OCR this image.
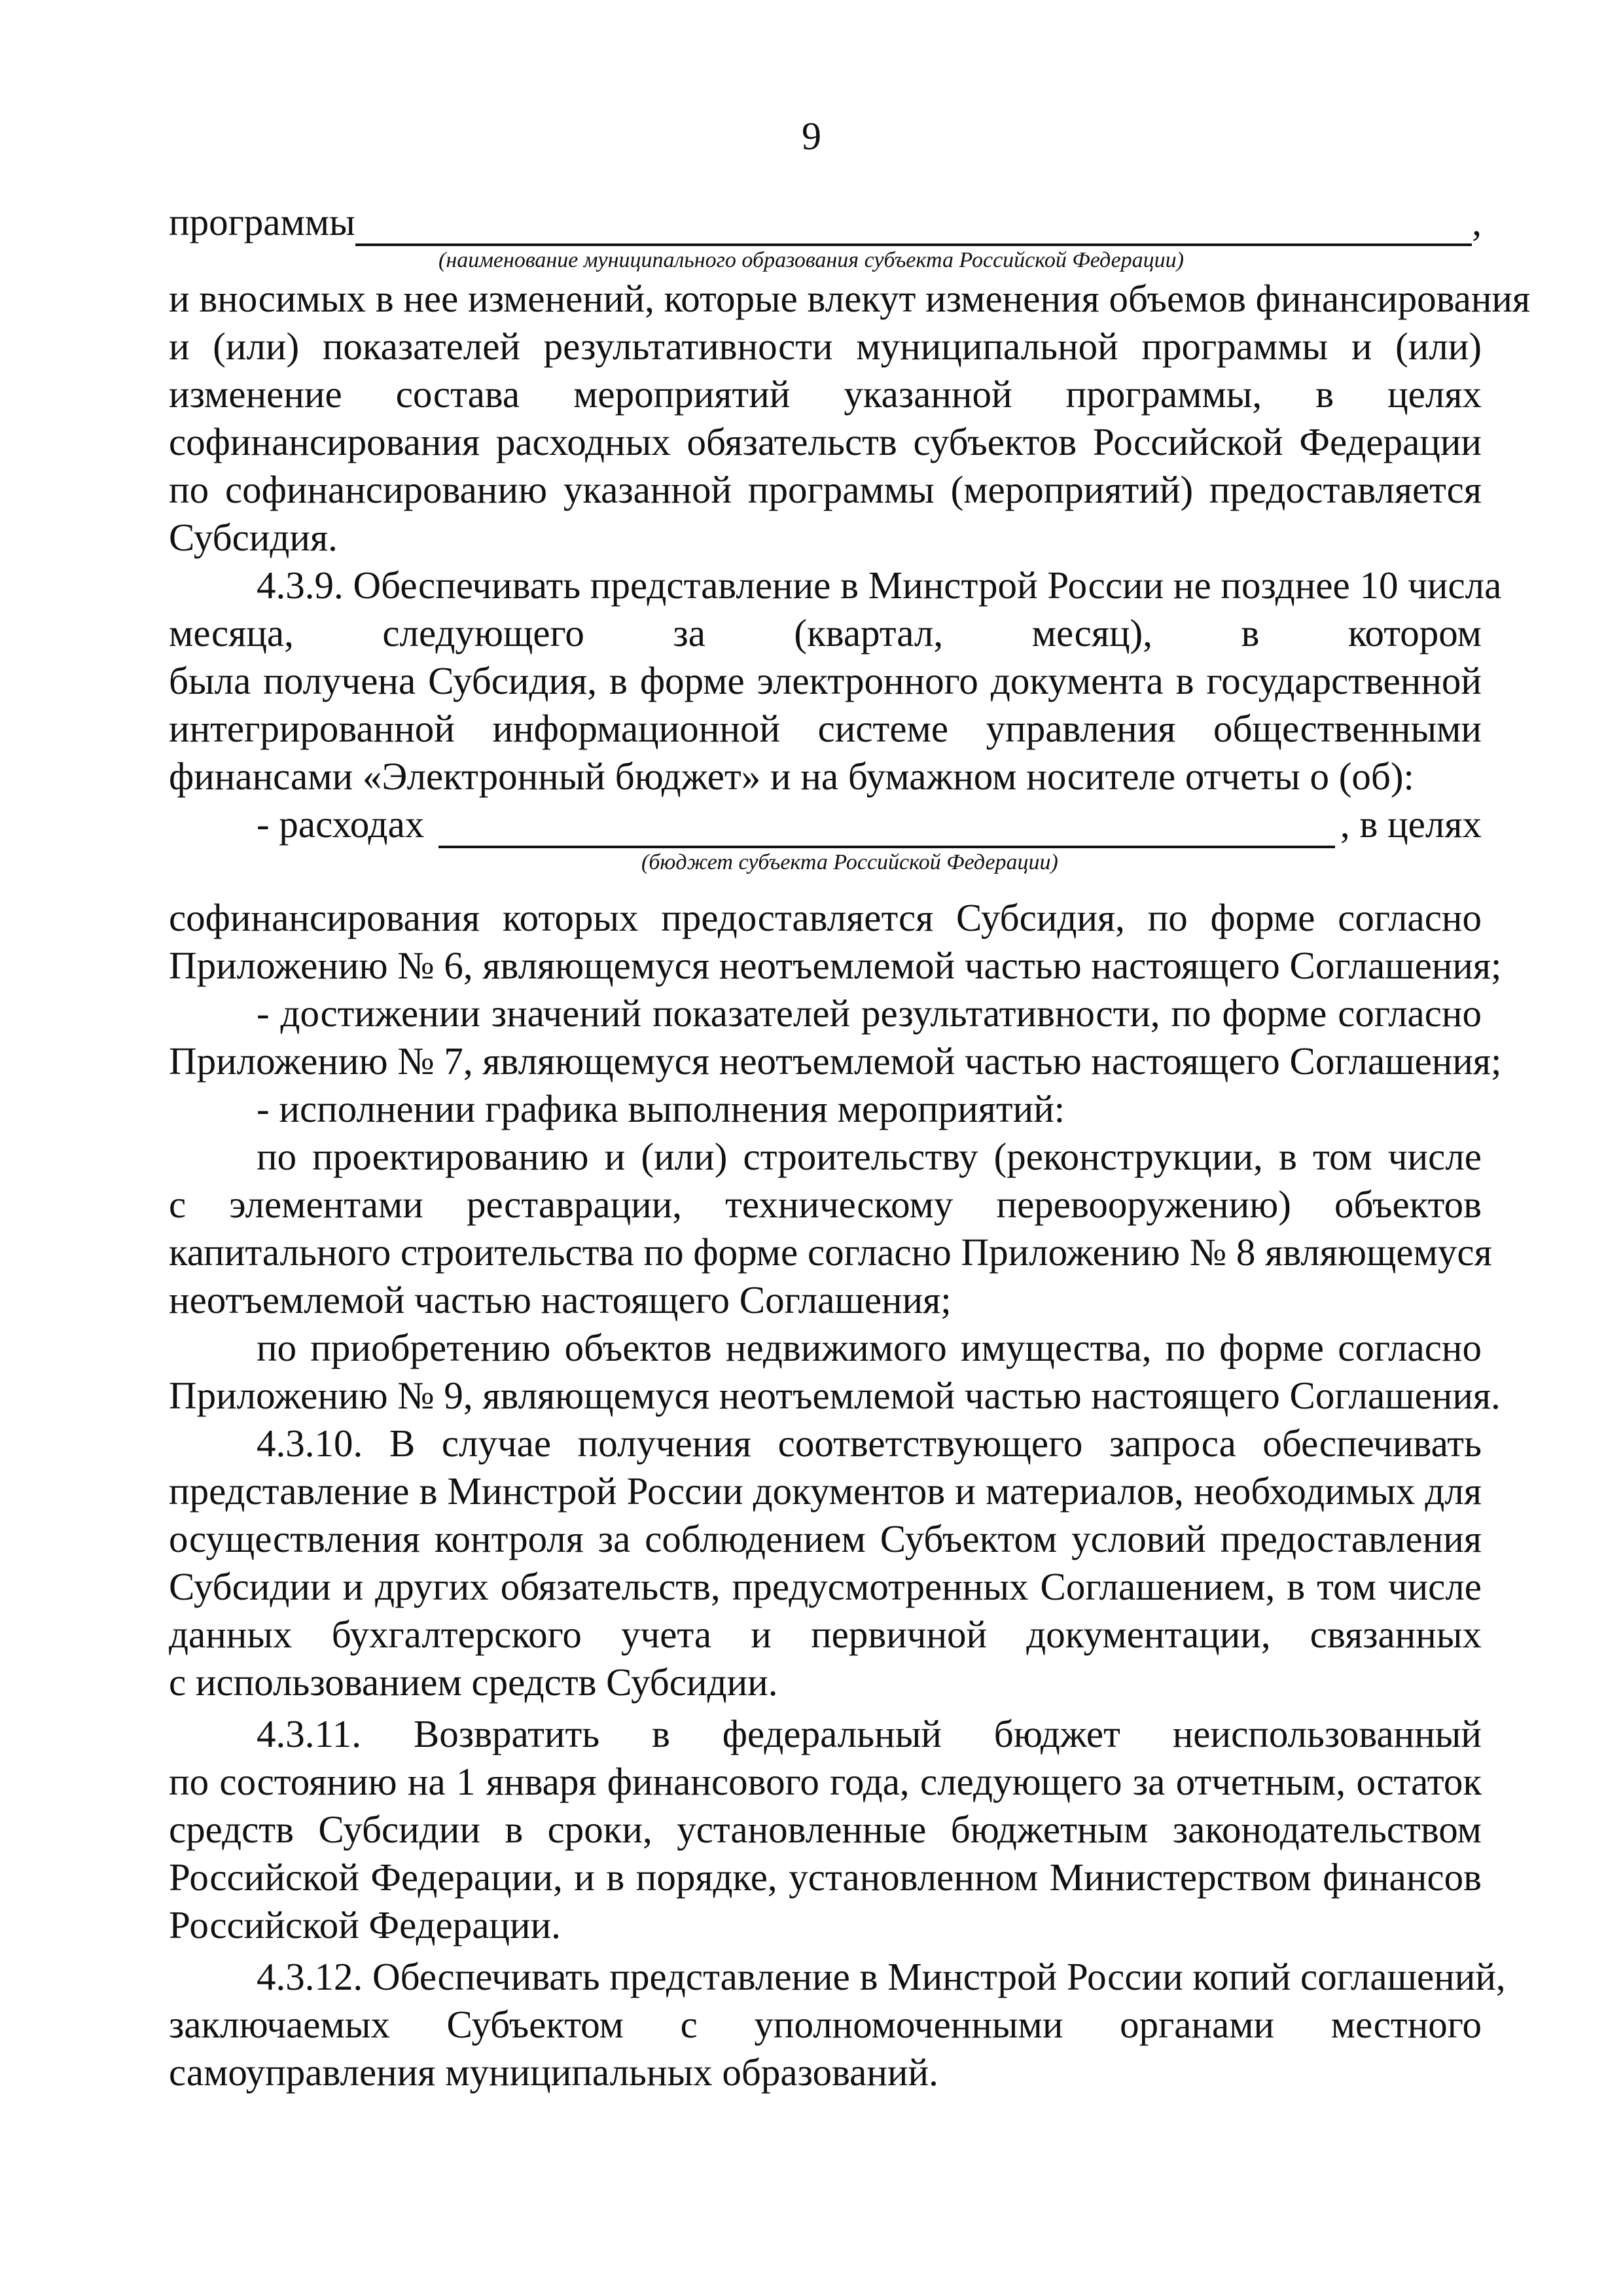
9
программы	,
(наименование муниципального образования субъекта Российской Федерации)
и вносимых в нее изменений, которые влекут изменения объемов финансирования
и (или) показателей результативности муниципальной программы и (или)
изменение состава мероприятий указанной программы, в целях
софинансирования расходных обязательств субъектов Российской Федерации
по софинансированию указанной программы (мероприятий) предоставляется
Субсидия.
4.3.9. Обеспечивать представление в Минстрой России не позднее 10 числа
месяца, следующего за (квартал, месяц), в котором
была получена Субсидия, в форме электронного документа в государственной
интегрированной информационной системе управления общественными
финансами «Электронный бюджет» и на бумажном носителе отчеты о (об):
- расходах	, в целях
(бюджет субъекта Российской Федерации)
софинансирования которых предоставляется Субсидия, по форме согласно
Приложению № 6, являющемуся неотъемлемой частью настоящего Соглашения;
- достижении значений показателей результативности, по форме согласно
Приложению № 7, являющемуся неотъемлемой частью настоящего Соглашения;
- исполнении графика выполнения мероприятий:
по проектированию и (или) строительству (реконструкции, в том числе
с элементами реставрации, техническому перевооружению) объектов
капитального строительства по форме согласно Приложению № 8 являющемуся
неотъемлемой частью настоящего Соглашения;
по приобретению объектов недвижимого имущества, по форме согласно
Приложению № 9, являющемуся неотъемлемой частью настоящего Соглашения.
4.3.10. В случае получения соответствующего запроса обеспечивать
представление в Минстрой России документов и материалов, необходимых для
осуществления контроля за соблюдением Субъектом условий предоставления
Субсидии и других обязательств, предусмотренных Соглашением, в том числе
данных бухгалтерского учета и первичной документации, связанных
с использованием средств Субсидии.
4.3.11. Возвратить в федеральный бюджет неиспользованный
по состоянию на 1 января финансового года, следующего за отчетным, остаток
средств Субсидии в сроки, установленные бюджетным законодательством
Российской Федерации, и в порядке, установленном Министерством финансов
Российской Федерации.
4.3.12. Обеспечивать представление в Минстрой России копий соглашений,
заключаемых Субъектом с уполномоченными органами местного
самоуправления муниципальных образований.
